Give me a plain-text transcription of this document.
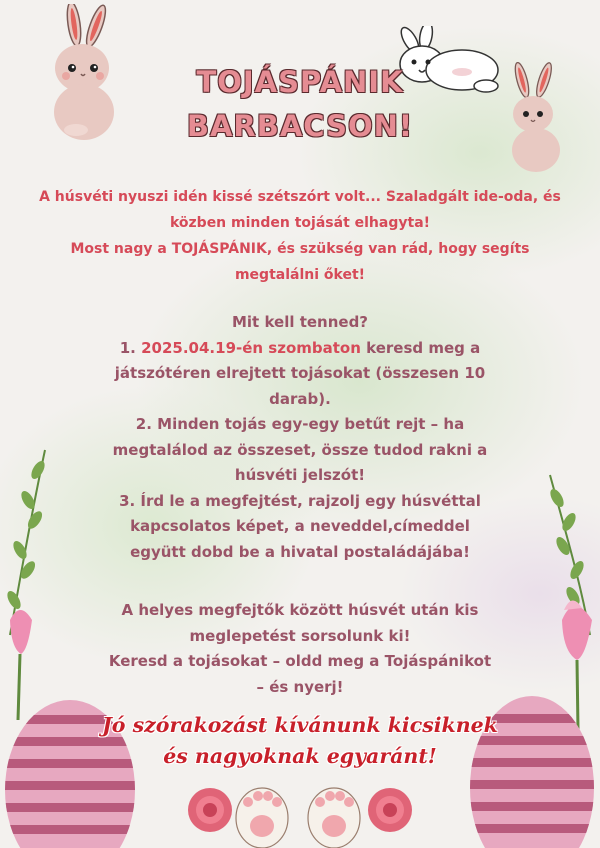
TOJÁSPÁNIK
BARBACSON!
A húsvéti nyuszi idén kissé szétszórt volt... Szaladgált ide-oda, és
közben minden tojását elhagyta!
Most nagy a TOJÁSPÁNIK, és szükség van rád, hogy segíts
megtalálni őket!
Mit kell tenned?
1. 2025.04.19-én szombaton keresd meg a
játszótéren elrejtett tojásokat (összesen 10
darab).
2. Minden tojás egy-egy betűt rejt – ha
megtalálod az összeset, össze tudod rakni a
húsvéti jelszót!
3. Írd le a megfejtést, rajzolj egy húsvéttal
kapcsolatos képet, a neveddel,címeddel
együtt dobd be a hivatal postaládájába!
A helyes megfejtők között húsvét után kis
meglepetést sorsolunk ki!
Keresd a tojásokat – oldd meg a Tojáspánikot
– és nyerj!
Jó szórakozást kívánunk kicsiknek
és nagyoknak egyaránt!
